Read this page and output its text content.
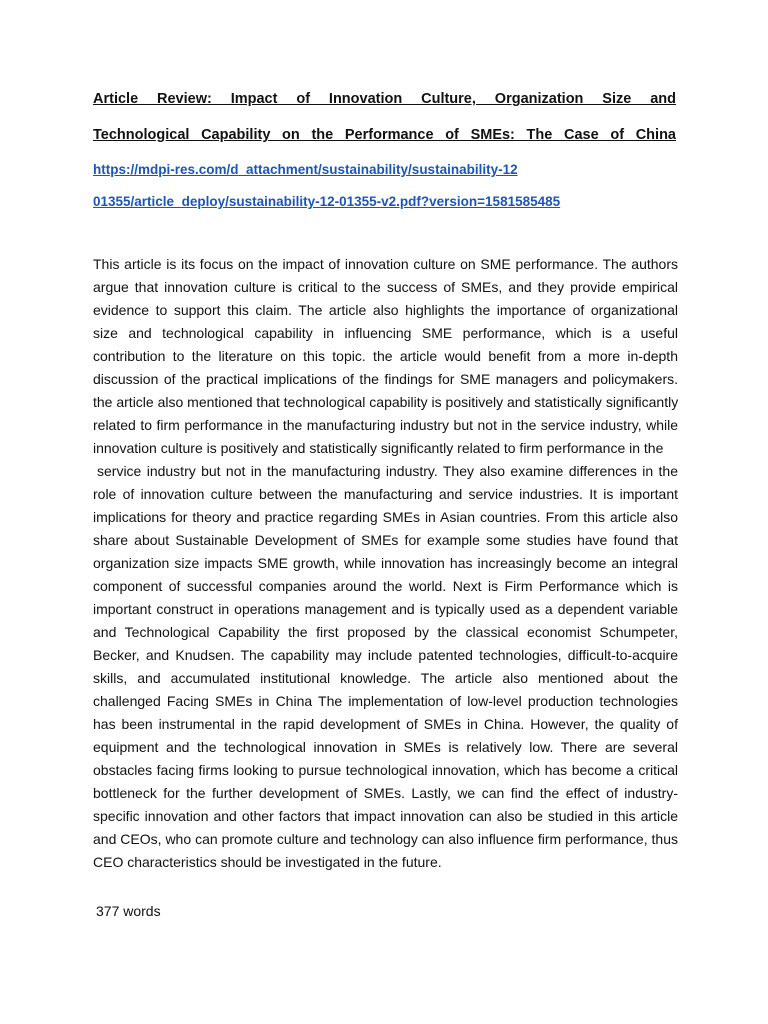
Article Review: Impact of Innovation Culture, Organization Size and
Technological Capability on the Performance of SMEs: The Case of China
https://mdpi-res.com/d_attachment/sustainability/sustainability-12
01355/article_deploy/sustainability-12-01355-v2.pdf?version=1581585485
This article is its focus on the impact of innovation culture on SME performance. The authors
argue that innovation culture is critical to the success of SMEs, and they provide empirical
evidence to support this claim. The article also highlights the importance of organizational
size and technological capability in influencing SME performance, which is a useful
contribution to the literature on this topic. the article would benefit from a more in-depth
discussion of the practical implications of the findings for SME managers and policymakers.
the article also mentioned that technological capability is positively and statistically significantly
related to firm performance in the manufacturing industry but not in the service industry, while
innovation culture is positively and statistically significantly related to firm performance in the
service industry but not in the manufacturing industry. They also examine differences in the
role of innovation culture between the manufacturing and service industries. It is important
implications for theory and practice regarding SMEs in Asian countries. From this article also
share about Sustainable Development of SMEs for example some studies have found that
organization size impacts SME growth, while innovation has increasingly become an integral
component of successful companies around the world. Next is Firm Performance which is
important construct in operations management and is typically used as a dependent variable
and Technological Capability the first proposed by the classical economist Schumpeter,
Becker, and Knudsen. The capability may include patented technologies, difficult-to-acquire
skills, and accumulated institutional knowledge. The article also mentioned about the
challenged Facing SMEs in China The implementation of low-level production technologies
has been instrumental in the rapid development of SMEs in China. However, the quality of
equipment and the technological innovation in SMEs is relatively low. There are several
obstacles facing firms looking to pursue technological innovation, which has become a critical
bottleneck for the further development of SMEs. Lastly, we can find the effect of industry-
specific innovation and other factors that impact innovation can also be studied in this article
and CEOs, who can promote culture and technology can also influence firm performance, thus
CEO characteristics should be investigated in the future.
377 words
